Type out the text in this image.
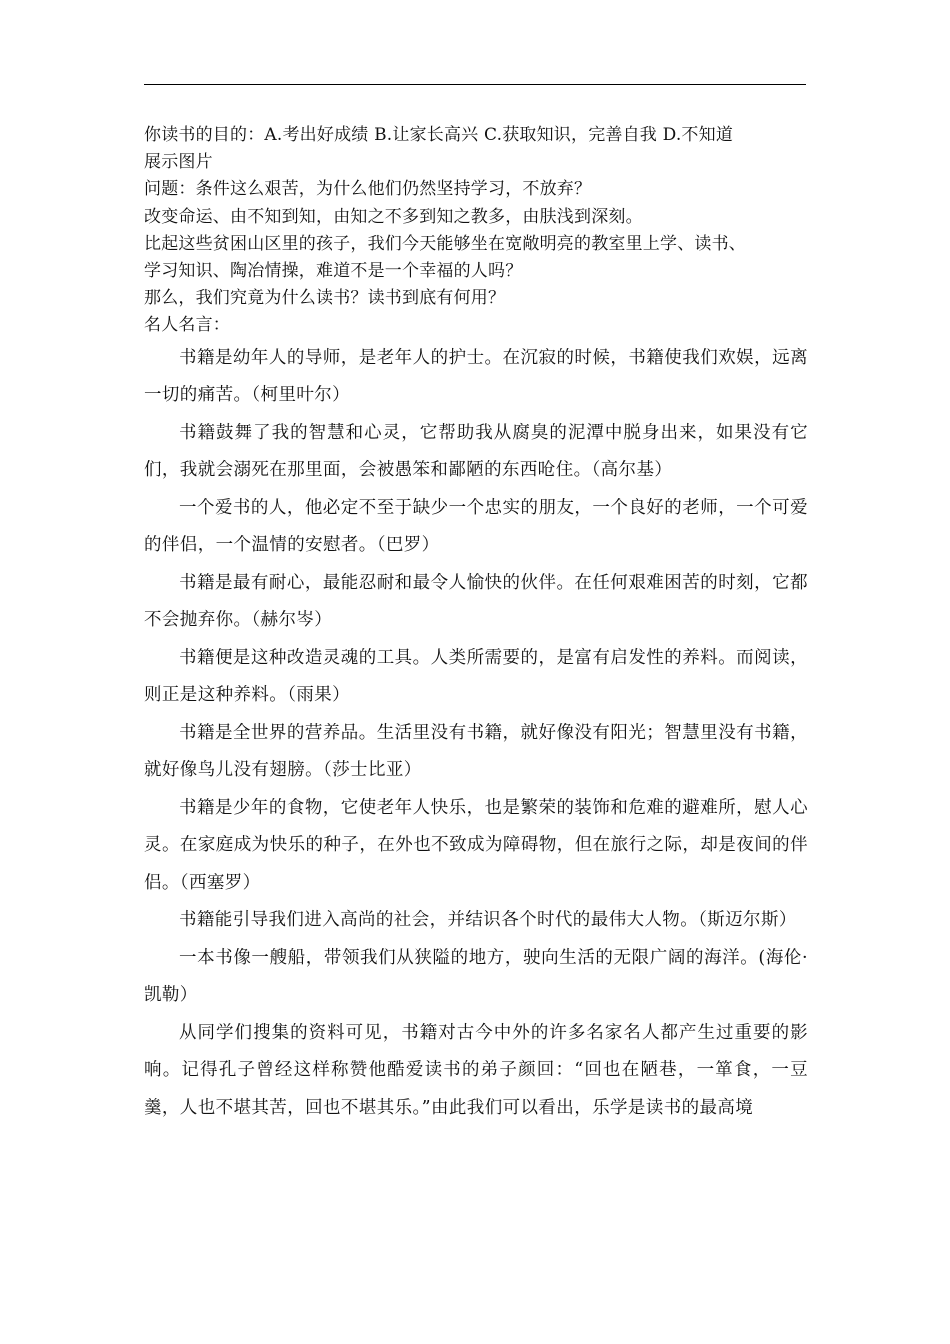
你读书的目的：A.考出好成绩 B.让家长高兴 C.获取知识，完善自我 D.不知道
展示图片
问题：条件这么艰苦，为什么他们仍然坚持学习，不放弃？
改变命运、由不知到知，由知之不多到知之教多，由肤浅到深刻。
比起这些贫困山区里的孩子，我们今天能够坐在宽敞明亮的教室里上学、读书、
学习知识、陶冶情操，难道不是一个幸福的人吗？
那么，我们究竟为什么读书？读书到底有何用？
名人名言：

书籍是幼年人的导师，是老年人的护士。在沉寂的时候，书籍使我们欢娱，远离一切的痛苦。（柯里叶尔）

书籍鼓舞了我的智慧和心灵，它帮助我从腐臭的泥潭中脱身出来，如果没有它们，我就会溺死在那里面，会被愚笨和鄙陋的东西呛住。（高尔基）

一个爱书的人，他必定不至于缺少一个忠实的朋友，一个良好的老师，一个可爱的伴侣，一个温情的安慰者。（巴罗）

书籍是最有耐心，最能忍耐和最令人愉快的伙伴。在任何艰难困苦的时刻，它都不会抛弃你。（赫尔岑）

书籍便是这种改造灵魂的工具。人类所需要的，是富有启发性的养料。而阅读，则正是这种养料。（雨果）

书籍是全世界的营养品。生活里没有书籍，就好像没有阳光；智慧里没有书籍，就好像鸟儿没有翅膀。（莎士比亚）

书籍是少年的食物，它使老年人快乐，也是繁荣的装饰和危难的避难所，慰人心灵。在家庭成为快乐的种子，在外也不致成为障碍物，但在旅行之际，却是夜间的伴侣。（西塞罗）

书籍能引导我们进入高尚的社会，并结识各个时代的最伟大人物。（斯迈尔斯）

一本书像一艘船，带领我们从狭隘的地方，驶向生活的无限广阔的海洋。(海伦·凯勒）

从同学们搜集的资料可见，书籍对古今中外的许多名家名人都产生过重要的影响。记得孔子曾经这样称赞他酷爱读书的弟子颜回：“回也在陋巷，一箪食，一豆羹，人也不堪其苦，回也不堪其乐。”由此我们可以看出，乐学是读书的最高境
